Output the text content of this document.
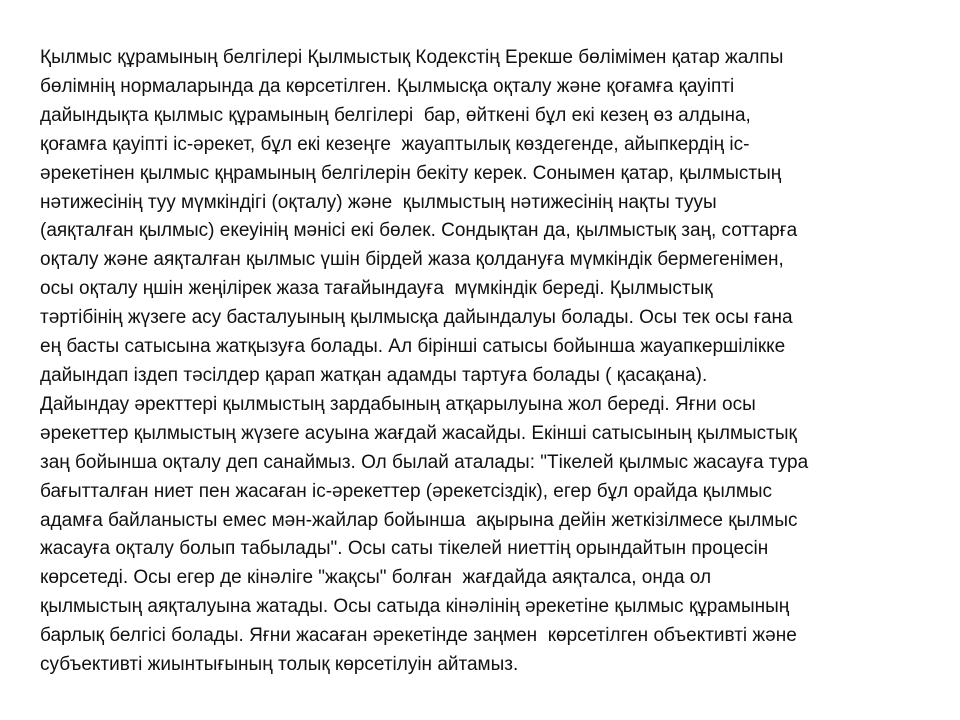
Қылмыс құрамының белгілері Қылмыстық Кодекстің Ерекше бөлімімен қатар жалпы
бөлімнің нормаларында да көрсетілген. Қылмысқа оқталу және қоғамға қауіпті
дайындықта қылмыс құрамының белгілері  бар, өйткені бұл екі кезең өз алдына,
қоғамға қауіпті іс-әрекет, бұл екі кезеңге  жауаптылық көздегенде, айыпкердің іс-
әрекетінен қылмыс қңрамының белгілерін бекіту керек. Сонымен қатар, қылмыстың
нәтижесінің туу мүмкіндігі (оқталу) және  қылмыстың нәтижесінің нақты тууы
(аяқталған қылмыс) екеуінің мәнісі екі бөлек. Сондықтан да, қылмыстық заң, соттарға
оқталу және аяқталған қылмыс үшін бірдей жаза қолдануға мүмкіндік бермегенімен,
осы оқталу ңшін жеңілірек жаза тағайындауға  мүмкіндік береді. Қылмыстық
тәртібінің жүзеге асу басталуының қылмысқа дайындалуы болады. Осы тек осы ғана
ең басты сатысына жатқызуға болады. Ал бірінші сатысы бойынша жауапкершілікке
дайындап іздеп тәсілдер қарап жатқан адамды тартуға болады ( қасақана).
Дайындау әректтері қылмыстың зардабының атқарылуына жол береді. Яғни осы
әрекеттер қылмыстың жүзеге асуына жағдай жасайды. Екінші сатысының қылмыстық
заң бойынша оқталу деп санаймыз. Ол былай аталады: "Тікелей қылмыс жасауға тура
бағытталған ниет пен жасаған іс-әрекеттер (әрекетсіздік), егер бұл орайда қылмыс
адамға байланысты емес мән-жайлар бойынша  ақырына дейін жеткізілмесе қылмыс
жасауға оқталу болып табылады". Осы саты тікелей ниеттің орындайтын процесін
көрсетеді. Осы егер де кінәліге "жақсы" болған  жағдайда аяқталса, онда ол
қылмыстың аяқталуына жатады. Осы сатыда кінәлінің әрекетіне қылмыс құрамының
барлық белгісі болады. Яғни жасаған әрекетінде заңмен  көрсетілген объективті және
субъективті жиынтығының толық көрсетілуін айтамыз.
